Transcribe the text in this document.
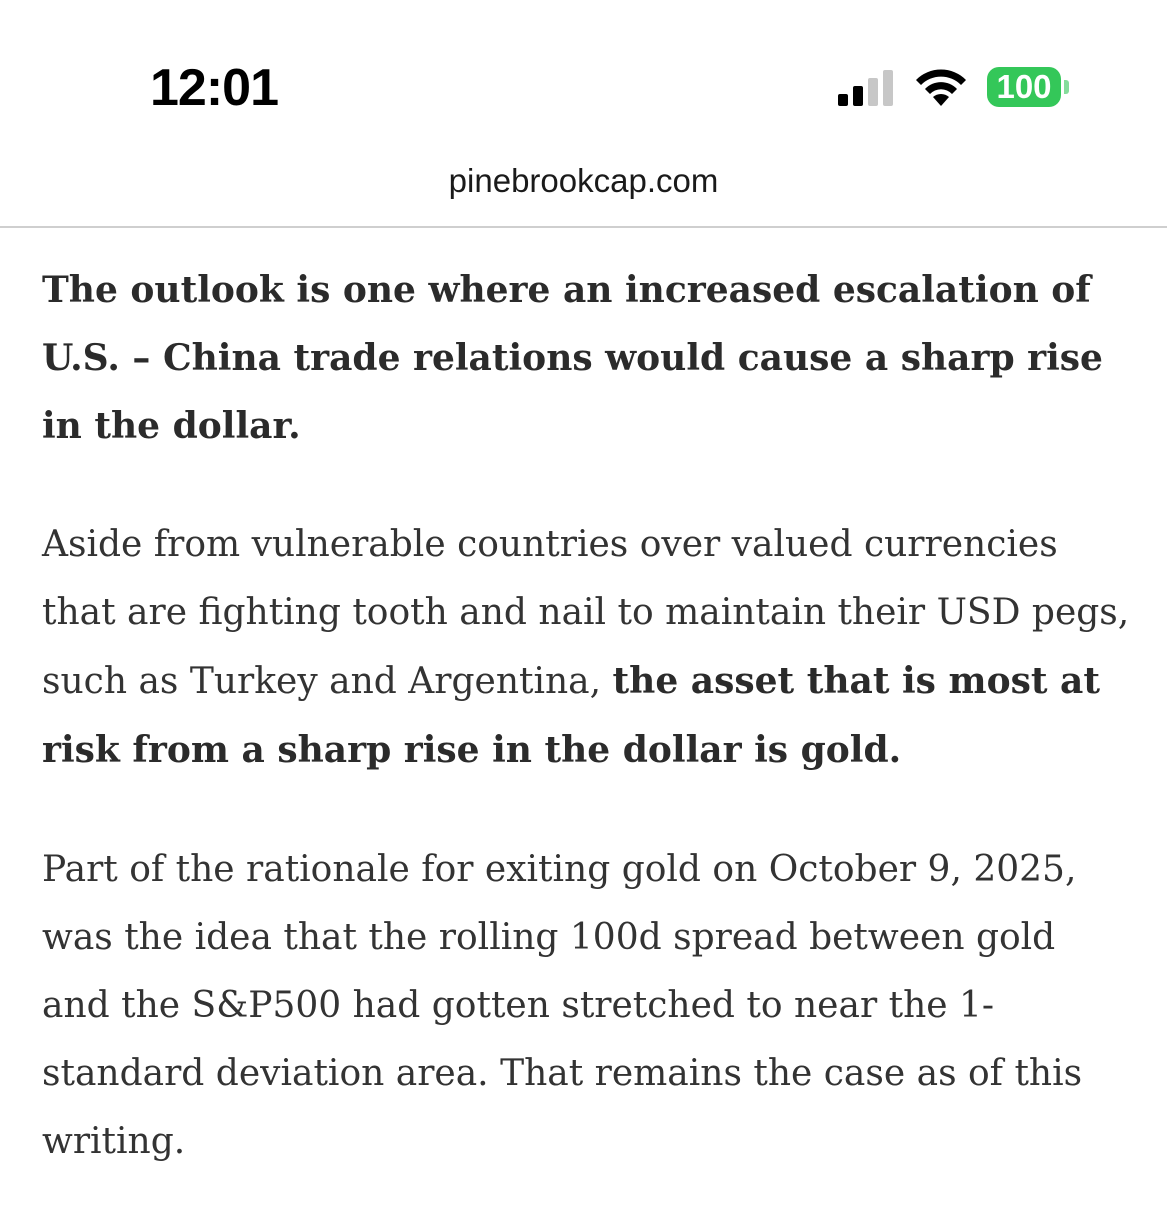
12:01	100
pinebrookcap.com

The outlook is one where an increased escalation of U.S. – China trade relations would cause a sharp rise in the dollar.

Aside from vulnerable countries over valued currencies that are fighting tooth and nail to maintain their USD pegs, such as Turkey and Argentina, the asset that is most at risk from a sharp rise in the dollar is gold.

Part of the rationale for exiting gold on October 9, 2025, was the idea that the rolling 100d spread between gold and the S&P500 had gotten stretched to near the 1-standard deviation area. That remains the case as of this writing.
